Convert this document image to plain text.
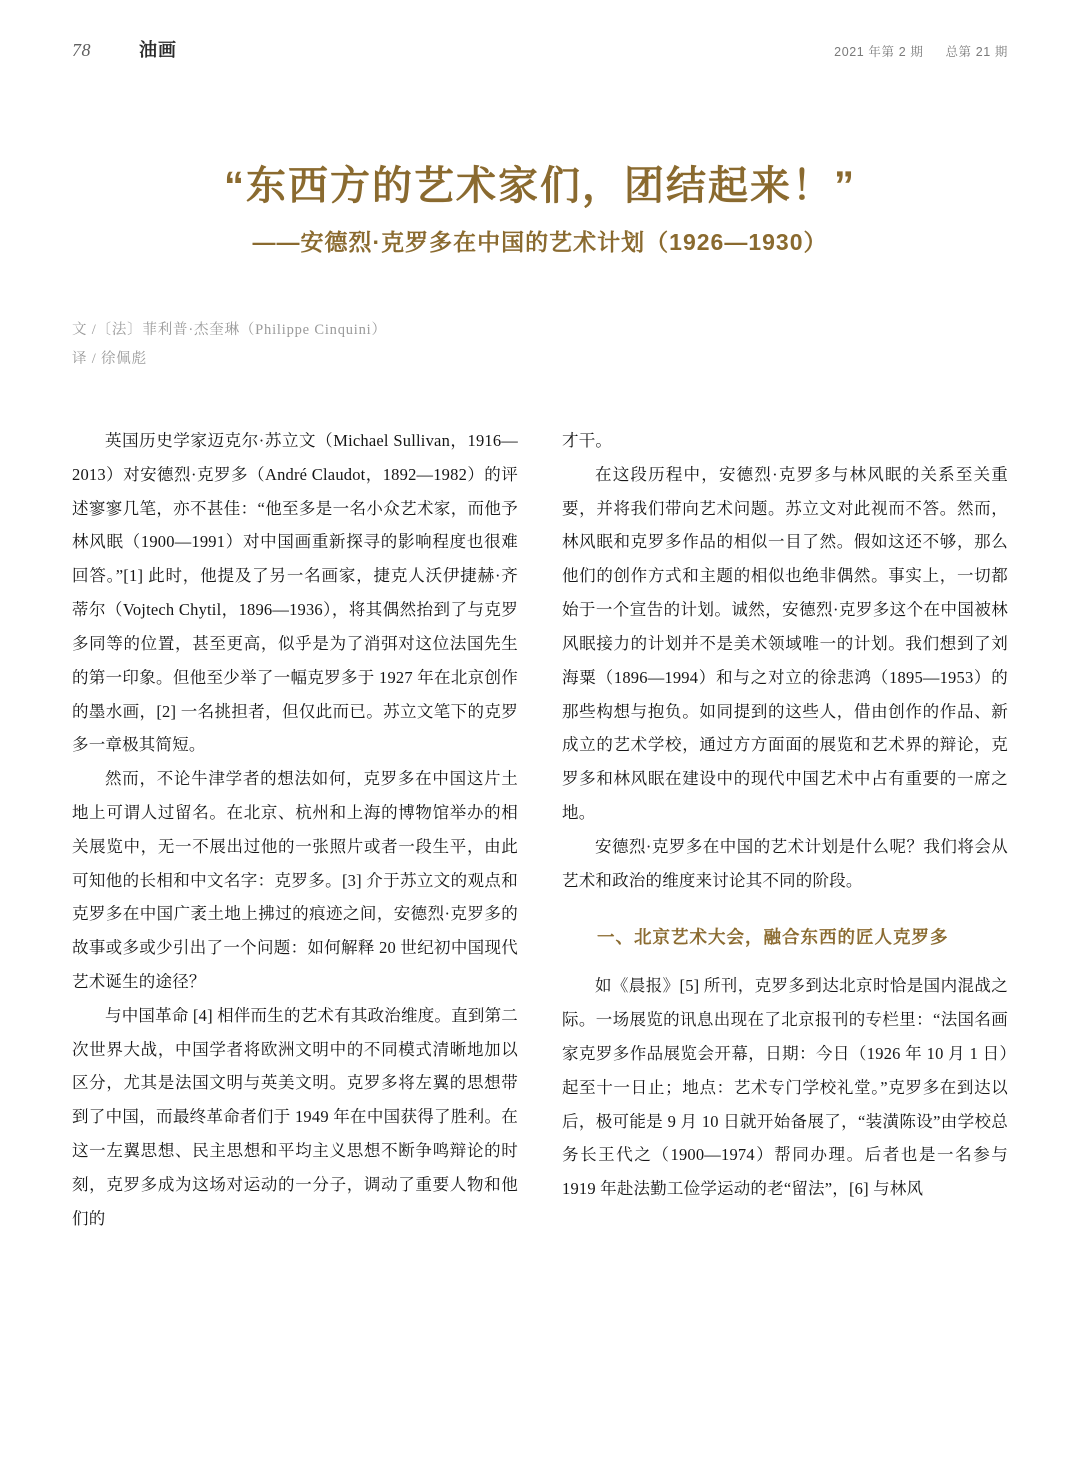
78	油画	2021 年第 2 期 总第 21 期
“东西方的艺术家们，团结起来！”
——安德烈·克罗多在中国的艺术计划（1926—1930）
文 /〔法〕菲利普·杰奎琳（Philippe Cinquini）
译 / 徐佩彪

英国历史学家迈克尔·苏立文（Michael Sullivan，1916—2013）对安德烈·克罗多（André Claudot，1892—1982）的评述寥寥几笔，亦不甚佳：“他至多是一名小众艺术家，而他予林风眠（1900—1991）对中国画重新探寻的影响程度也很难回答。”[1] 此时，他提及了另一名画家，捷克人沃伊捷赫·齐蒂尔（Vojtech Chytil，1896—1936），将其偶然抬到了与克罗多同等的位置，甚至更高，似乎是为了消弭对这位法国先生的第一印象。但他至少举了一幅克罗多于 1927 年在北京创作的墨水画，[2] 一名挑担者，但仅此而已。苏立文笔下的克罗多一章极其简短。

然而，不论牛津学者的想法如何，克罗多在中国这片土地上可谓人过留名。在北京、杭州和上海的博物馆举办的相关展览中，无一不展出过他的一张照片或者一段生平，由此可知他的长相和中文名字：克罗多。[3] 介于苏立文的观点和克罗多在中国广袤土地上拂过的痕迹之间，安德烈·克罗多的故事或多或少引出了一个问题：如何解释 20 世纪初中国现代艺术诞生的途径？

与中国革命 [4] 相伴而生的艺术有其政治维度。直到第二次世界大战，中国学者将欧洲文明中的不同模式清晰地加以区分，尤其是法国文明与英美文明。克罗多将左翼的思想带到了中国，而最终革命者们于 1949 年在中国获得了胜利。在这一左翼思想、民主思想和平均主义思想不断争鸣辩论的时刻，克罗多成为这场对运动的一分子，调动了重要人物和他们的

才干。

在这段历程中，安德烈·克罗多与林风眠的关系至关重要，并将我们带向艺术问题。苏立文对此视而不答。然而，林风眠和克罗多作品的相似一目了然。假如这还不够，那么他们的创作方式和主题的相似也绝非偶然。事实上，一切都始于一个宣告的计划。诚然，安德烈·克罗多这个在中国被林风眠接力的计划并不是美术领域唯一的计划。我们想到了刘海粟（1896—1994）和与之对立的徐悲鸿（1895—1953）的那些构想与抱负。如同提到的这些人，借由创作的作品、新成立的艺术学校，通过方方面面的展览和艺术界的辩论，克罗多和林风眠在建设中的现代中国艺术中占有重要的一席之地。

安德烈·克罗多在中国的艺术计划是什么呢？我们将会从艺术和政治的维度来讨论其不同的阶段。

一、北京艺术大会，融合东西的匠人克罗多

如《晨报》[5] 所刊，克罗多到达北京时恰是国内混战之际。一场展览的讯息出现在了北京报刊的专栏里：“法国名画家克罗多作品展览会开幕，日期：今日（1926 年 10 月 1 日）起至十一日止；地点：艺术专门学校礼堂。”克罗多在到达以后，极可能是 9 月 10 日就开始备展了，“装潢陈设”由学校总务长王代之（1900—1974）帮同办理。后者也是一名参与 1919 年赴法勤工俭学运动的老“留法”，[6] 与林风
